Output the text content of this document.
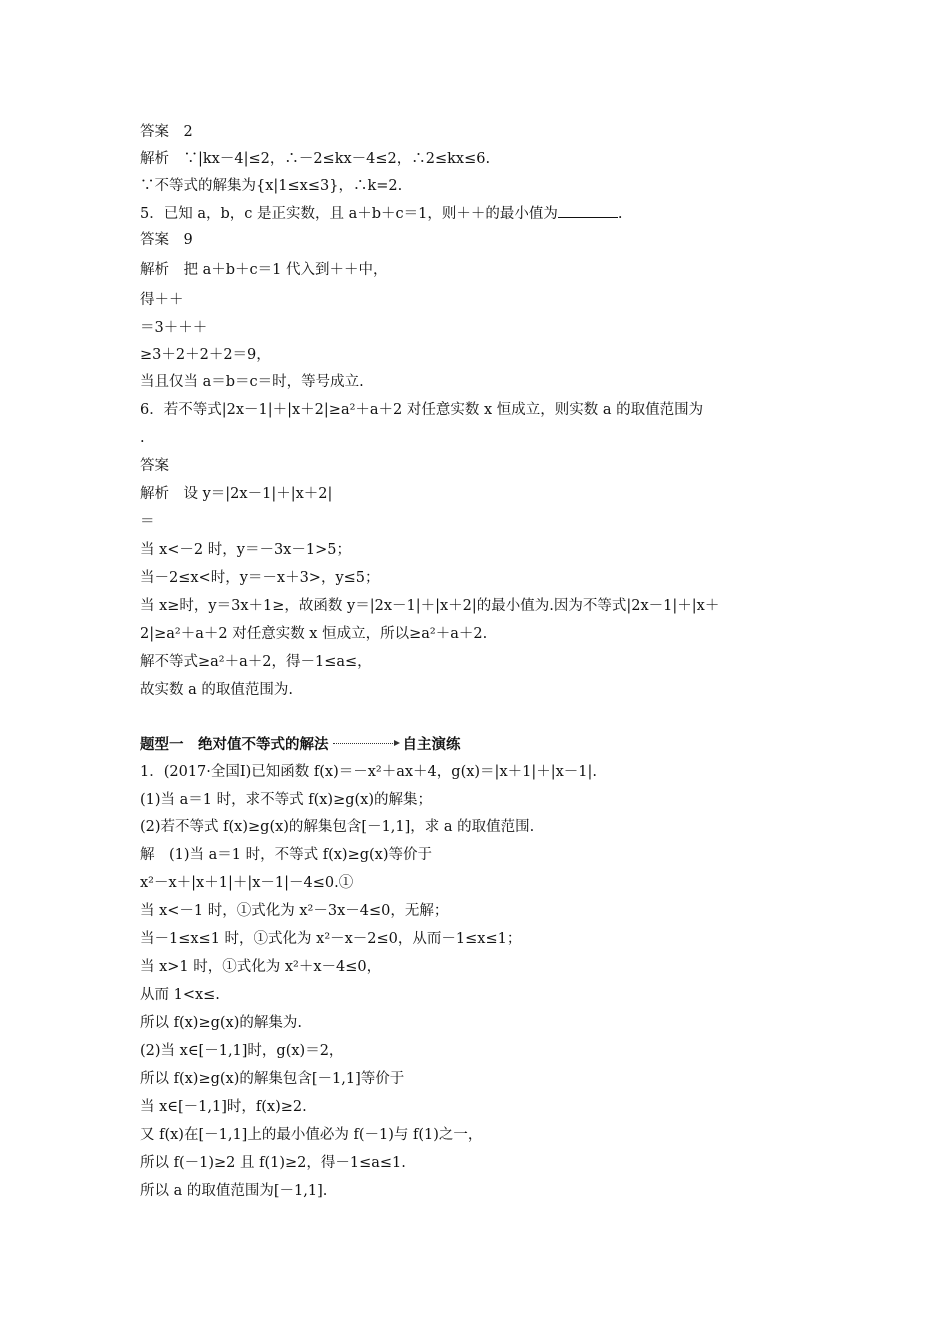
答案　2
解析　∵|kx－4|≤2，∴－2≤kx－4≤2，∴2≤kx≤6.
∵不等式的解集为{x|1≤x≤3}，∴k=2.
5．已知 a，b，c 是正实数，且 a＋b＋c＝1，则＋＋的最小值为	.
答案　9
解析　把 a＋b＋c＝1 代入到＋＋中，
得＋＋
＝3＋＋＋
≥3＋2＋2＋2＝9，
当且仅当 a＝b＝c＝时，等号成立.
6．若不等式|2x－1|＋|x＋2|≥a²＋a＋2 对任意实数 x 恒成立，则实数 a 的取值范围为
.
答案
解析　设 y＝|2x－1|＋|x＋2|
＝
当 x<－2 时，y＝－3x－1>5；
当－2≤x<时，y＝－x＋3>，y≤5；
当 x≥时，y＝3x＋1≥，故函数 y＝|2x－1|＋|x＋2|的最小值为.因为不等式|2x－1|＋|x＋
2|≥a²＋a＋2 对任意实数 x 恒成立，所以≥a²＋a＋2.
解不等式≥a²＋a＋2，得－1≤a≤，
故实数 a 的取值范围为.
题型一　绝对值不等式的解法	自主演练
1．(2017·全国Ⅰ)已知函数 f(x)＝－x²＋ax＋4，g(x)＝|x＋1|＋|x－1|.
(1)当 a＝1 时，求不等式 f(x)≥g(x)的解集；
(2)若不等式 f(x)≥g(x)的解集包含[－1,1]，求 a 的取值范围.
解　(1)当 a＝1 时，不等式 f(x)≥g(x)等价于
x²－x＋|x＋1|＋|x－1|－4≤0.①
当 x<－1 时，①式化为 x²－3x－4≤0，无解；
当－1≤x≤1 时，①式化为 x²－x－2≤0，从而－1≤x≤1；
当 x>1 时，①式化为 x²＋x－4≤0，
从而 1<x≤.
所以 f(x)≥g(x)的解集为.
(2)当 x∈[－1,1]时，g(x)＝2，
所以 f(x)≥g(x)的解集包含[－1,1]等价于
当 x∈[－1,1]时，f(x)≥2.
又 f(x)在[－1,1]上的最小值必为 f(－1)与 f(1)之一，
所以 f(－1)≥2 且 f(1)≥2，得－1≤a≤1.
所以 a 的取值范围为[－1,1].
